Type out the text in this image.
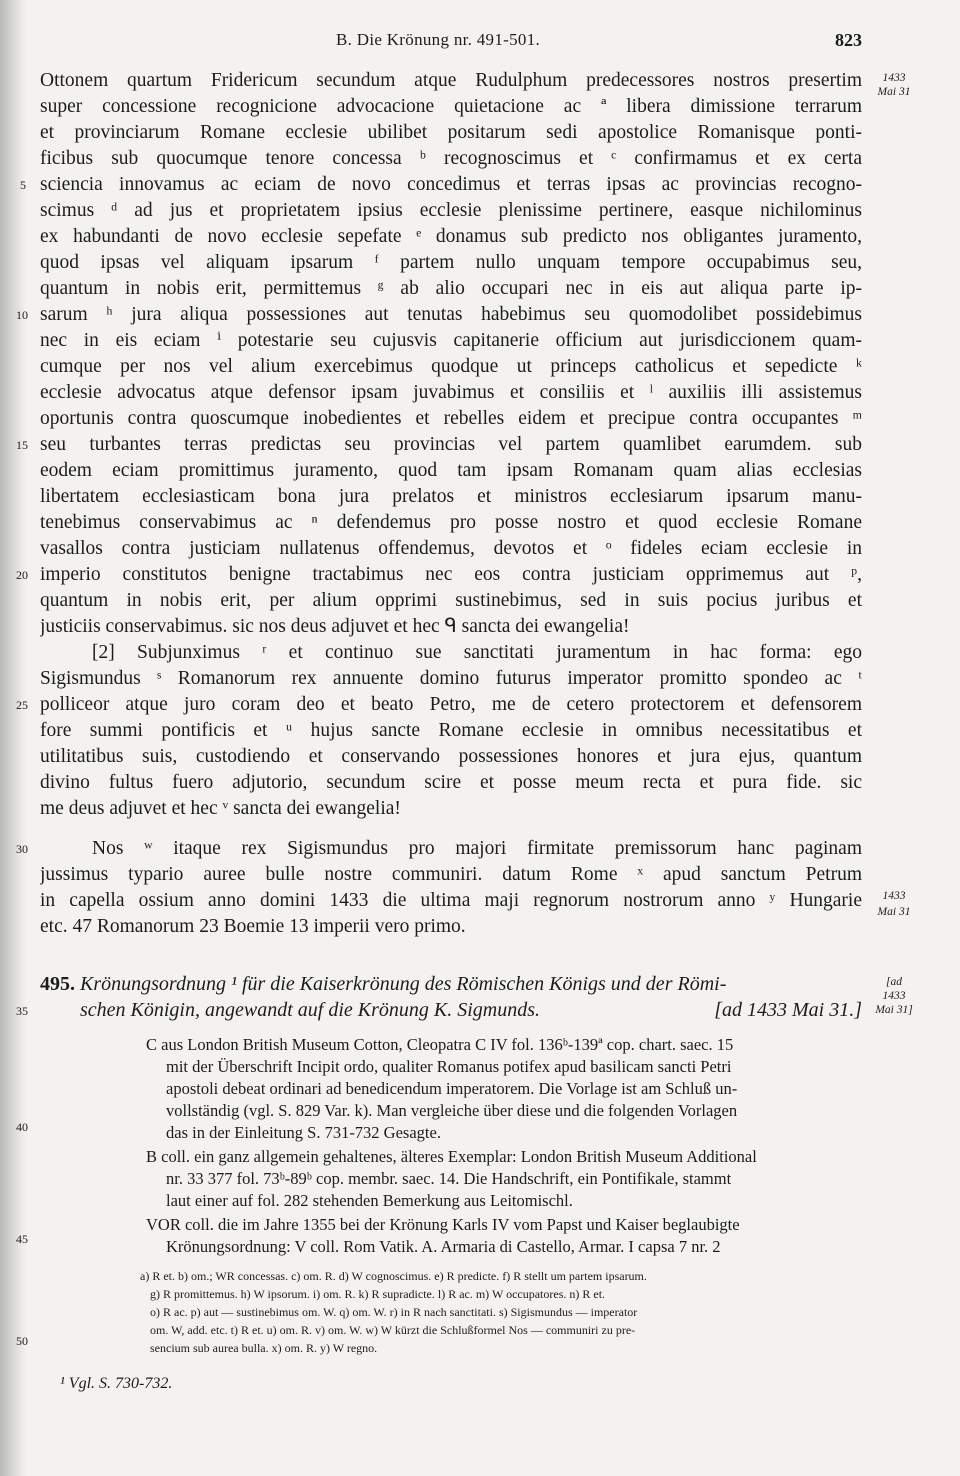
B. Die Krönung nr. 491-501.	823
Ottonem quartum Fridericum secundum atque Rudulphum predecessores nostros presertim
super concessione recognicione advocacione quietacione ac ª libera dimissione terrarum
et provinciarum Romane ecclesie ubilibet positarum sedi apostolice Romanisque ponti-
ficibus sub quocumque tenore concessa ᵇ recognoscimus et ᶜ confirmamus et ex certa
sciencia innovamus ac eciam de novo concedimus et terras ipsas ac provincias recogno-
scimus ᵈ ad jus et proprietatem ipsius ecclesie plenissime pertinere, easque nichilominus
ex habundanti de novo ecclesie sepefate ᵉ donamus sub predicto nos obligantes juramento,
quod ipsas vel aliquam ipsarum ᶠ partem nullo unquam tempore occupabimus seu,
quantum in nobis erit, permittemus ᵍ ab alio occupari nec in eis aut aliqua parte ip-
sarum ʰ jura aliqua possessiones aut tenutas habebimus seu quomodolibet possidebimus
nec in eis eciam ⁱ potestarie seu cujusvis capitanerie officium aut jurisdiccionem quam-
cumque per nos vel alium exercebimus quodque ut princeps catholicus et sepedicte ᵏ
ecclesie advocatus atque defensor ipsam juvabimus et consiliis et ˡ auxiliis illi assistemus
oportunis contra quoscumque inobedientes et rebelles eidem et precipue contra occupantes ᵐ
seu turbantes terras predictas seu provincias vel partem quamlibet earumdem. sub
eodem eciam promittimus juramento, quod tam ipsam Romanam quam alias ecclesias
libertatem ecclesiasticam bona jura prelatos et ministros ecclesiarum ipsarum manu-
tenebimus conservabimus ac ⁿ defendemus pro posse nostro et quod ecclesie Romane
vasallos contra justiciam nullatenus offendemus, devotos et ᵒ fideles eciam ecclesie in
imperio constitutos benigne tractabimus nec eos contra justiciam opprimemus aut ᵖ,
quantum in nobis erit, per alium opprimi sustinebimus, sed in suis pocius juribus et
justiciis conservabimus. sic nos deus adjuvet et hec ᑫ sancta dei ewangelia!
[2] Subjunximus ʳ et continuo sue sanctitati juramentum in hac forma: ego
Sigismundus ˢ Romanorum rex annuente domino futurus imperator promitto spondeo ac ᵗ
polliceor atque juro coram deo et beato Petro, me de cetero protectorem et defensorem
fore summi pontificis et ᵘ hujus sancte Romane ecclesie in omnibus necessitatibus et
utilitatibus suis, custodiendo et conservando possessiones honores et jura ejus, quantum
divino fultus fuero adjutorio, secundum scire et posse meum recta et pura fide. sic
me deus adjuvet et hec ᵛ sancta dei ewangelia!
Nos ʷ itaque rex Sigismundus pro majori firmitate premissorum hanc paginam
jussimus typario auree bulle nostre communiri. datum Rome ˣ apud sanctum Petrum
in capella ossium anno domini 1433 die ultima maji regnorum nostrorum anno ʸ Hungarie
etc. 47 Romanorum 23 Boemie 13 imperii vero primo.
5
10
15
20
25
30
35
40
45
50
1433
Mai 31
1433
Mai 31
[ad
1433
Mai 31]
495. Krönungsordnung ¹ für die Kaiserkrönung des Römischen Königs und der Römi-
schen Königin, angewandt auf die Krönung K. Sigmunds.	[ad 1433 Mai 31.]
C aus London British Museum Cotton, Cleopatra C IV fol. 136ᵇ-139ª cop. chart. saec. 15
mit der Überschrift Incipit ordo, qualiter Romanus potifex apud basilicam sancti Petri
apostoli debeat ordinari ad benedicendum imperatorem. Die Vorlage ist am Schluß un-
vollständig (vgl. S. 829 Var. k). Man vergleiche über diese und die folgenden Vorlagen
das in der Einleitung S. 731-732 Gesagte.
B coll. ein ganz allgemein gehaltenes, älteres Exemplar: London British Museum Additional
nr. 33 377 fol. 73ᵇ-89ᵇ cop. membr. saec. 14. Die Handschrift, ein Pontifikale, stammt
laut einer auf fol. 282 stehenden Bemerkung aus Leitomischl.
VOR coll. die im Jahre 1355 bei der Krönung Karls IV vom Papst und Kaiser beglaubigte
Krönungsordnung: V coll. Rom Vatik. A. Armaria di Castello, Armar. I capsa 7 nr. 2
a) R et. b) om.; WR concessas. c) om. R. d) W cognoscimus. e) R predicte. f) R stellt um partem ipsarum.
g) R promittemus. h) W ipsorum. i) om. R. k) R supradicte. l) R ac. m) W occupatores. n) R et.
o) R ac. p) aut — sustinebimus om. W. q) om. W. r) in R nach sanctitati. s) Sigismundus — imperator
om. W, add. etc. t) R et. u) om. R. v) om. W. w) W kürzt die Schlußformel Nos — communiri zu pre-
sencium sub aurea bulla. x) om. R. y) W regno.
¹ Vgl. S. 730-732.
